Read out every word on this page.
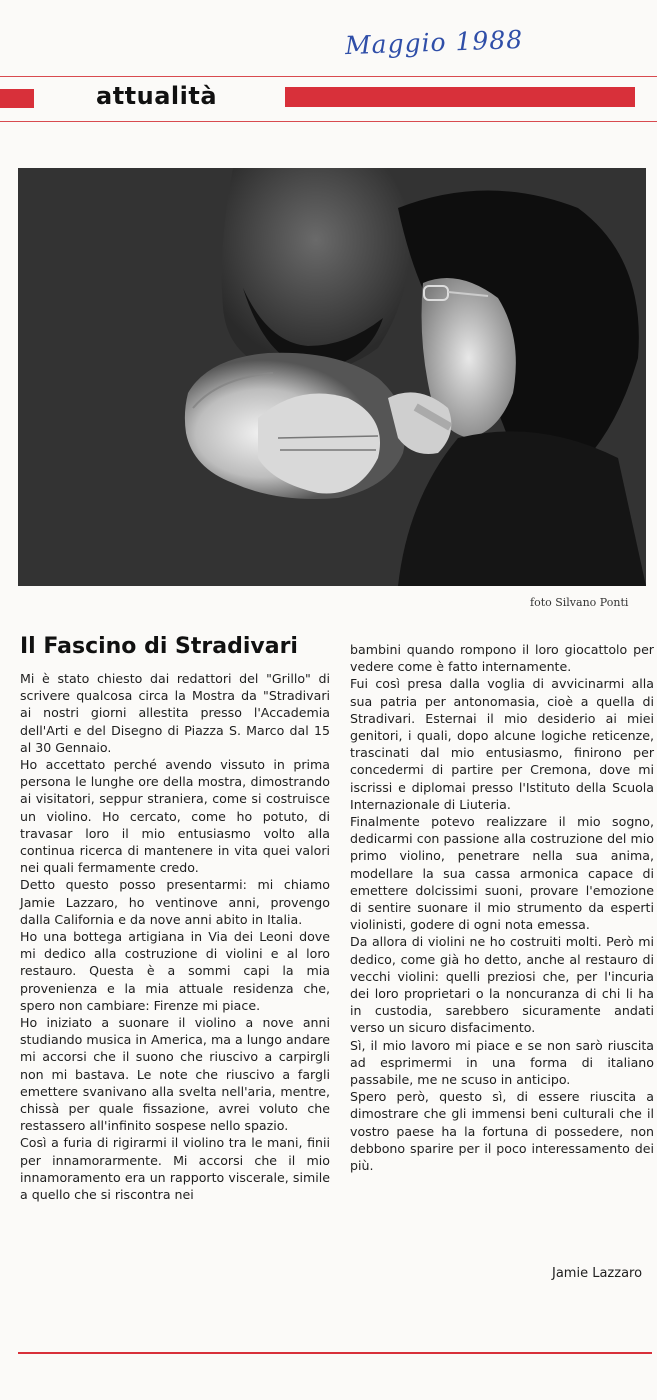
Maggio 1988
attualità
foto Silvano Ponti
Il Fascino di Stradivari

Mi è stato chiesto dai redattori del "Grillo" di scrivere qualcosa circa la Mostra da "Stradivari ai nostri giorni allestita presso l'Accademia dell'Arti e del Disegno di Piazza S. Marco dal 15 al 30 Gennaio.

Ho accettato perché avendo vissuto in prima persona le lunghe ore della mostra, dimostrando ai visitatori, seppur straniera, come si costruisce un violino. Ho cercato, come ho potuto, di travasar loro il mio entusiasmo volto alla continua ricerca di mantenere in vita quei valori nei quali fermamente credo.

Detto questo posso presentarmi: mi chiamo Jamie Lazzaro, ho ventinove anni, provengo dalla California e da nove anni abito in Italia.

Ho una bottega artigiana in Via dei Leoni dove mi dedico alla costruzione di violini e al loro restauro. Questa è a sommi capi la mia provenienza e la mia attuale residenza che, spero non cambiare: Firenze mi piace.

Ho iniziato a suonare il violino a nove anni studiando musica in America, ma a lungo andare mi accorsi che il suono che riuscivo a carpirgli non mi bastava. Le note che riuscivo a fargli emettere svanivano alla svelta nell'aria, mentre, chissà per quale fissazione, avrei voluto che restassero all'infinito sospese nello spazio.

Così a furia di rigirarmi il violino tra le mani, finii per innamorarmente. Mi accorsi che il mio innamoramento era un rapporto viscerale, simile a quello che si riscontra nei

bambini quando rompono il loro giocattolo per vedere come è fatto internamente.

Fui così presa dalla voglia di avvicinarmi alla sua patria per antonomasia, cioè a quella di Stradivari. Esternai il mio desiderio ai miei genitori, i quali, dopo alcune logiche reticenze, trascinati dal mio entusiasmo, finirono per concedermi di partire per Cremona, dove mi iscrissi e diplomai presso l'Istituto della Scuola Internazionale di Liuteria.

Finalmente potevo realizzare il mio sogno, dedicarmi con passione alla costruzione del mio primo violino, penetrare nella sua anima, modellare la sua cassa armonica capace di emettere dolcissimi suoni, provare l'emozione di sentire suonare il mio strumento da esperti violinisti, godere di ogni nota emessa.

Da allora di violini ne ho costruiti molti. Però mi dedico, come già ho detto, anche al restauro di vecchi violini: quelli preziosi che, per l'incuria dei loro proprietari o la noncuranza di chi li ha in custodia, sarebbero sicuramente andati verso un sicuro disfacimento.

Sì, il mio lavoro mi piace e se non sarò riuscita ad esprimermi in una forma di italiano passabile, me ne scuso in anticipo.

Spero però, questo sì, di essere riuscita a dimostrare che gli immensi beni culturali che il vostro paese ha la fortuna di possedere, non debbono sparire per il poco interessamento dei più.

Jamie Lazzaro
